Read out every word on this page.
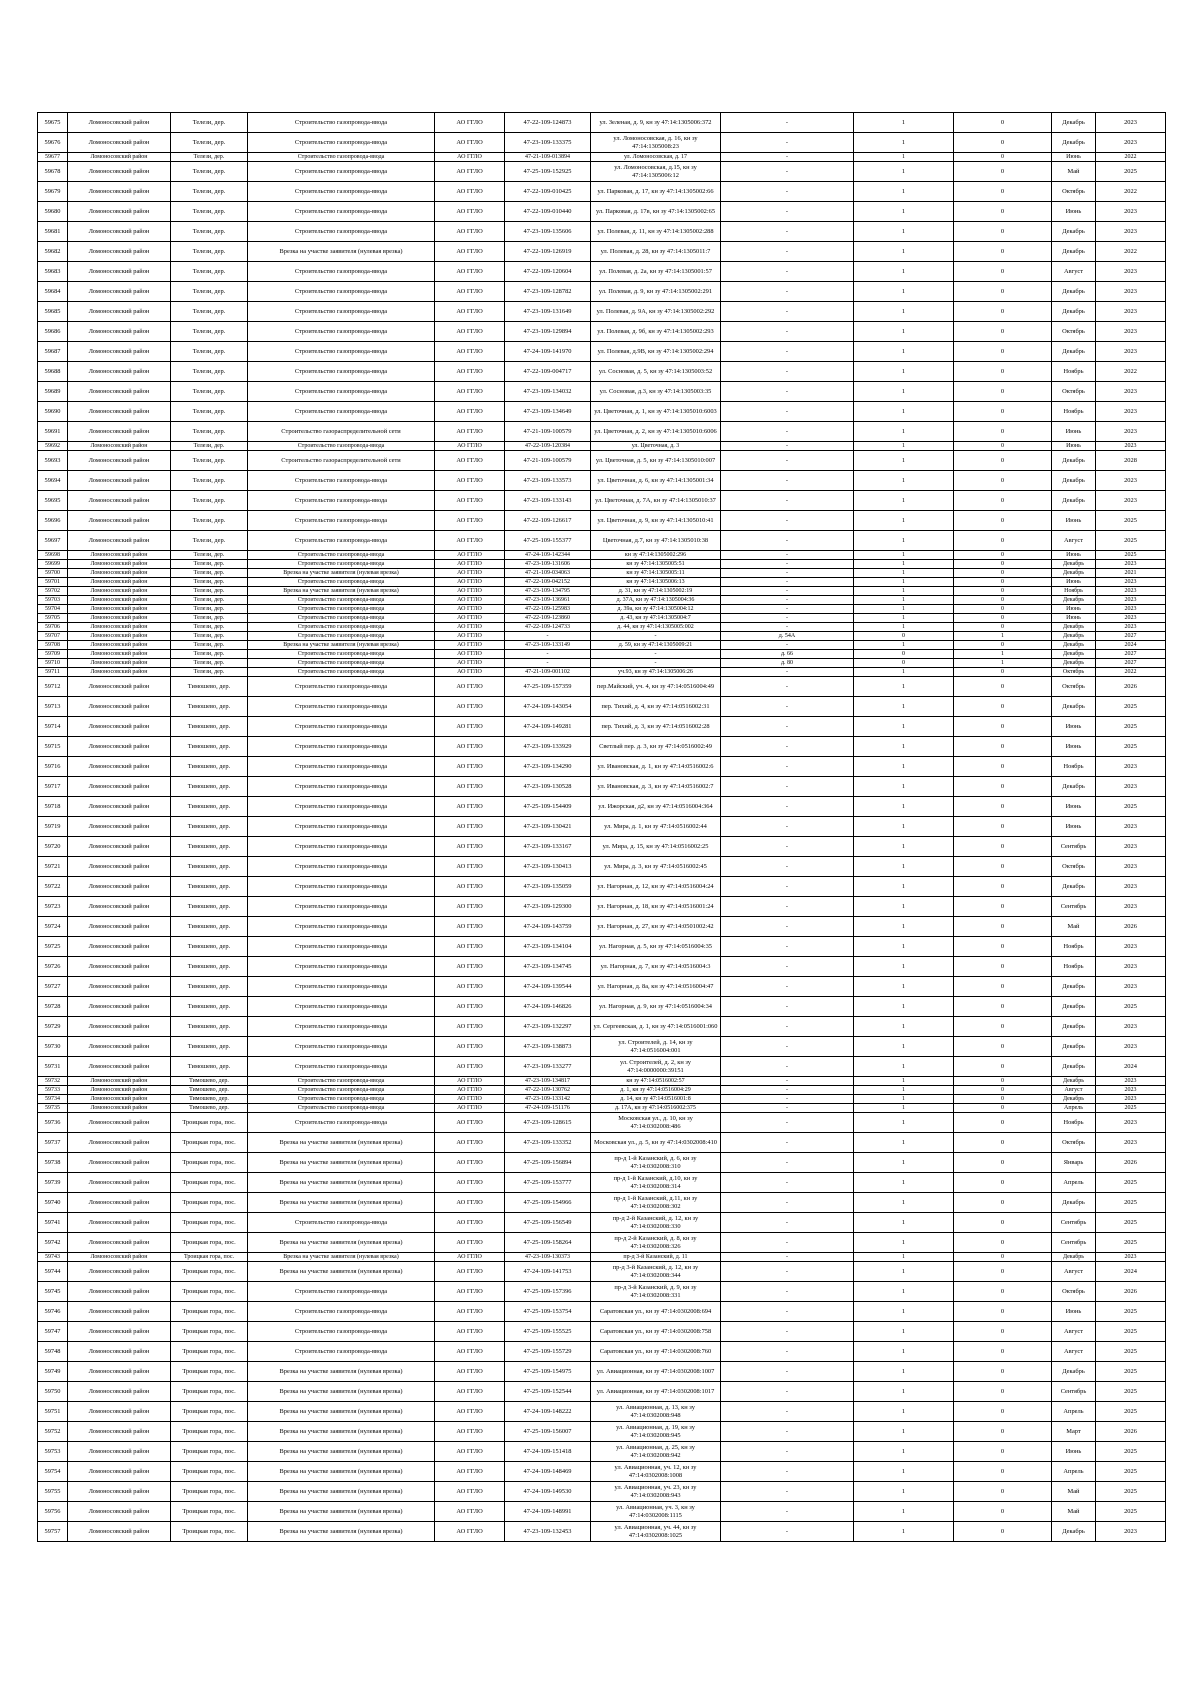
59675	Ломоносовский район	Телези, дер.	Строительство газопровода-ввода	АО ГГЛО	47-22-109-124873	ул. Зеленая, д. 9, кн зу 47:14:1305006:372	-	1	0	Декабрь	2023
59676	Ломоносовский район	Телези, дер.	Строительство газопровода-ввода	АО ГГЛО	47-23-109-133375	ул. Ломоносовская, д. 16, кн зу 47:14:1305008:23	-	1	0	Декабрь	2023
59677	Ломоносовский район	Телези, дер.	Строительство газопровода-ввода	АО ГГЛО	47-21-109-013894	ул. Ломоносовская, д. 17	-	1	0	Июнь	2022
59678	Ломоносовский район	Телези, дер.	Строительство газопровода-ввода	АО ГГЛО	47-25-109-152925	ул. Ломоносовская, д.15, кн зу 47:14:1305006:12	-	1	0	Май	2025
59679	Ломоносовский район	Телези, дер.	Строительство газопровода-ввода	АО ГГЛО	47-22-109-010425	ул. Парковая, д. 17, кн зу 47:14:1305002:66	-	1	0	Октябрь	2022
59680	Ломоносовский район	Телези, дер.	Строительство газопровода-ввода	АО ГГЛО	47-22-109-010440	ул. Парковая, д. 17в, кн зу 47:14:1305002:65	-	1	0	Июнь	2023
59681	Ломоносовский район	Телези, дер.	Строительство газопровода-ввода	АО ГГЛО	47-23-109-135606	ул. Полевая, д. 11, кн зу 47:14:1305002:288	-	1	0	Декабрь	2023
59682	Ломоносовский район	Телези, дер.	Врезка на участке заявителя (нулевая врезка)	АО ГГЛО	47-22-109-126919	ул. Полевая, д. 28, кн зу 47:14:1305011:7	-	1	0	Декабрь	2022
59683	Ломоносовский район	Телези, дер.	Строительство газопровода-ввода	АО ГГЛО	47-22-109-120604	ул. Полевая, д. 2а, кн зу 47:14:1305001:57	-	1	0	Август	2023
59684	Ломоносовский район	Телези, дер.	Строительство газопровода-ввода	АО ГГЛО	47-23-109-128782	ул. Полевая, д. 9, кн зу 47:14:1305002:291	-	1	0	Декабрь	2023
59685	Ломоносовский район	Телези, дер.	Строительство газопровода-ввода	АО ГГЛО	47-23-109-131649	ул. Полевая, д. 9А, кн зу 47:14:1305002:292	-	1	0	Декабрь	2023
59686	Ломоносовский район	Телези, дер.	Строительство газопровода-ввода	АО ГГЛО	47-23-109-129894	ул. Полевая, д. 9б, кн зу 47:14:1305002:293	-	1	0	Октябрь	2023
59687	Ломоносовский район	Телези, дер.	Строительство газопровода-ввода	АО ГГЛО	47-24-109-141970	ул. Полевая, д.9В, кн зу 47:14:1305002:294	-	1	0	Декабрь	2023
59688	Ломоносовский район	Телези, дер.	Строительство газопровода-ввода	АО ГГЛО	47-22-109-004717	ул. Сосновая, д. 5, кн зу 47:14:1305003:52	-	1	0	Ноябрь	2022
59689	Ломоносовский район	Телези, дер.	Строительство газопровода-ввода	АО ГГЛО	47-23-109-134032	ул. Сосновая, д.3, кн зу 47:14:1305003:35	-	1	0	Октябрь	2023
59690	Ломоносовский район	Телези, дер.	Строительство газопровода-ввода	АО ГГЛО	47-23-109-134649	ул. Цветочная, д. 1, кн зу 47:14:1305010:6003	-	1	0	Ноябрь	2023
59691	Ломоносовский район	Телези, дер.	Строительство газораспределительной сети	АО ГГЛО	47-21-109-100579	ул. Цветочная, д. 2, кн зу 47:14:1305010:6006	-	1	0	Июнь	2023
59692	Ломоносовский район	Телези, дер.	Строительство газопровода-ввода	АО ГГЛО	47-22-109-120384	ул. Цветочная, д. 3	-	1	0	Июнь	2023
59693	Ломоносовский район	Телези, дер.	Строительство газораспределительной сети	АО ГГЛО	47-21-109-100579	ул. Цветочная, д. 5, кн зу 47:14:1305010:007	-	1	0	Декабрь	2028
59694	Ломоносовский район	Телези, дер.	Строительство газопровода-ввода	АО ГГЛО	47-23-109-133573	ул. Цветочная, д. 6, кн зу 47:14:1305001:34	-	1	0	Декабрь	2023
59695	Ломоносовский район	Телези, дер.	Строительство газопровода-ввода	АО ГГЛО	47-23-109-133143	ул. Цветочная, д. 7А, кн зу 47:14:1305010:37	-	1	0	Декабрь	2023
59696	Ломоносовский район	Телези, дер.	Строительство газопровода-ввода	АО ГГЛО	47-22-109-126617	ул. Цветочная, д. 9, кн зу 47:14:1305010:41	-	1	0	Июнь	2025
59697	Ломоносовский район	Телези, дер.	Строительство газопровода-ввода	АО ГГЛО	47-25-109-155377	Цветочная, д.7, кн зу 47:14:1305010:38	-	1	0	Август	2025
59698	Ломоносовский район	Телези, дер.	Строительство газопровода-ввода	АО ГГЛО	47-24-109-142344	кн зу 47:14:1305002:296	-	1	0	Июнь	2025
59699	Ломоносовский район	Телези, дер.	Строительство газопровода-ввода	АО ГГЛО	47-23-109-131606	кн зу 47:14:1305005:51	-	1	0	Декабрь	2023
59700	Ломоносовский район	Телези, дер.	Врезка на участке заявителя (нулевая врезка)	АО ГГЛО	47-21-109-034063	кн зу 47:14:1305005:11	-	1	0	Декабрь	2021
59701	Ломоносовский район	Телези, дер.	Строительство газопровода-ввода	АО ГГЛО	47-22-109-042152	кн зу 47:14:1305006:13	-	1	0	Июнь	2023
59702	Ломоносовский район	Телези, дер.	Врезка на участке заявителя (нулевая врезка)	АО ГГЛО	47-23-109-134795	д. 31, кн зу 47:14:1305002:19	-	1	0	Ноябрь	2023
59703	Ломоносовский район	Телези, дер.	Строительство газопровода-ввода	АО ГГЛО	47-23-109-136961	д. 37А, кн зу 47:14:1305004:36	-	1	0	Декабрь	2023
59704	Ломоносовский район	Телези, дер.	Строительство газопровода-ввода	АО ГГЛО	47-22-109-125983	д. 39а, кн зу 47:14:1305004:12	-	1	0	Июнь	2023
59705	Ломоносовский район	Телези, дер.	Строительство газопровода-ввода	АО ГГЛО	47-22-109-123860	д. 43, кн зу 47:14:1305004:7	-	1	0	Июнь	2023
59706	Ломоносовский район	Телези, дер.	Строительство газопровода-ввода	АО ГГЛО	47-22-109-124733	д. 44, кн зу 47:14:1305005:002	-	1	0	Декабрь	2023
59707	Ломоносовский район	Телези, дер.	Строительство газопровода-ввода	АО ГГЛО	-	-	д. 54А	0	1	Декабрь	2027
59708	Ломоносовский район	Телези, дер.	Врезка на участке заявителя (нулевая врезка)	АО ГГЛО	47-23-109-133149	д. 59, кн зу 47:14:1305009:21	-	1	0	Декабрь	2024
59709	Ломоносовский район	Телези, дер.	Строительство газопровода-ввода	АО ГГЛО	-	-	д. 66	0	1	Декабрь	2027
59710	Ломоносовский район	Телези, дер.	Строительство газопровода-ввода	АО ГГЛО	-	-	д. 80	0	1	Декабрь	2027
59711	Ломоносовский район	Телези, дер.	Строительство газопровода-ввода	АО ГГЛО	47-21-109-001102	уч.93, кн зу 47:14:1305006:26	-	1	0	Октябрь	2022
59712	Ломоносовский район	Тимошево, дер.	Строительство газопровода-ввода	АО ГГЛО	47-25-109-157359	пер.Майский, уч. 4, кн зу 47:14:0516004:49	-	1	0	Октябрь	2026
59713	Ломоносовский район	Тимошево, дер.	Строительство газопровода-ввода	АО ГГЛО	47-24-109-143054	пер. Тихий, д. 4, кн зу 47:14:0516002:31	-	1	0	Декабрь	2025
59714	Ломоносовский район	Тимошево, дер.	Строительство газопровода-ввода	АО ГГЛО	47-24-109-149281	пер. Тихий, д. 3, кн зу 47:14:0516002:28	-	1	0	Июнь	2025
59715	Ломоносовский район	Тимошево, дер.	Строительство газопровода-ввода	АО ГГЛО	47-23-109-133929	Светлый пер. д. 3, кн зу 47:14:0516002:49	-	1	0	Июнь	2025
59716	Ломоносовский район	Тимошево, дер.	Строительство газопровода-ввода	АО ГГЛО	47-23-109-134290	ул. Ивановская, д. 1, кн зу 47:14:0516002:6	-	1	0	Ноябрь	2023
59717	Ломоносовский район	Тимошево, дер.	Строительство газопровода-ввода	АО ГГЛО	47-23-109-130528	ул. Ивановская, д. 3, кн зу 47:14:0516002:7	-	1	0	Декабрь	2023
59718	Ломоносовский район	Тимошево, дер.	Строительство газопровода-ввода	АО ГГЛО	47-25-109-154409	ул. Ижорская, д2, кн зу 47:14:0516004:364	-	1	0	Июнь	2025
59719	Ломоносовский район	Тимошево, дер.	Строительство газопровода-ввода	АО ГГЛО	47-23-109-130421	ул. Мира, д. 1, кн зу 47:14:0516002:44	-	1	0	Июнь	2023
59720	Ломоносовский район	Тимошево, дер.	Строительство газопровода-ввода	АО ГГЛО	47-23-109-133167	ул. Мира, д. 15, кн зу 47:14:0516002:25	-	1	0	Сентябрь	2023
59721	Ломоносовский район	Тимошево, дер.	Строительство газопровода-ввода	АО ГГЛО	47-23-109-130413	ул. Мира, д. 3, кн зу 47:14:0516002:45	-	1	0	Октябрь	2023
59722	Ломоносовский район	Тимошево, дер.	Строительство газопровода-ввода	АО ГГЛО	47-23-109-135059	ул. Нагорная, д. 12, кн зу 47:14:0516004:24	-	1	0	Декабрь	2023
59723	Ломоносовский район	Тимошево, дер.	Строительство газопровода-ввода	АО ГГЛО	47-23-109-129300	ул. Нагорная, д. 18, кн зу 47:14:0516001:24	-	1	0	Сентябрь	2023
59724	Ломоносовский район	Тимошево, дер.	Строительство газопровода-ввода	АО ГГЛО	47-24-109-143759	ул. Нагорная, д. 27, кн зу 47:14:0501002:42	-	1	0	Май	2026
59725	Ломоносовский район	Тимошево, дер.	Строительство газопровода-ввода	АО ГГЛО	47-23-109-134104	ул. Нагорная, д. 5, кн зу 47:14:0516004:35	-	1	0	Ноябрь	2023
59726	Ломоносовский район	Тимошево, дер.	Строительство газопровода-ввода	АО ГГЛО	47-23-109-134745	ул. Нагорная, д. 7, кн зу 47:14:0516004:3	-	1	0	Ноябрь	2023
59727	Ломоносовский район	Тимошево, дер.	Строительство газопровода-ввода	АО ГГЛО	47-24-109-139544	ул. Нагорная, д. 8а, кн зу 47:14:0516004:47	-	1	0	Декабрь	2023
59728	Ломоносовский район	Тимошево, дер.	Строительство газопровода-ввода	АО ГГЛО	47-24-109-146826	ул. Нагорная, д. 9, кн зу 47:14:0516004:34	-	1	0	Декабрь	2025
59729	Ломоносовский район	Тимошево, дер.	Строительство газопровода-ввода	АО ГГЛО	47-23-109-132297	ул. Сергеевская, д. 1, кн зу 47:14:0516001:060	-	1	0	Декабрь	2023
59730	Ломоносовский район	Тимошево, дер.	Строительство газопровода-ввода	АО ГГЛО	47-23-109-138873	ул. Строителей, д. 14, кн зу 47:14:0516004:001	-	1	0	Декабрь	2023
59731	Ломоносовский район	Тимошево, дер.	Строительство газопровода-ввода	АО ГГЛО	47-23-109-133277	ул. Строителей, д. 2, кн зу 47:14:0000000:39151	-	1	0	Декабрь	2024
59732	Ломоносовский район	Тимошево, дер.	Строительство газопровода-ввода	АО ГГЛО	47-23-109-134817	кн зу 47:14:0516002:57	-	1	0	Декабрь	2023
59733	Ломоносовский район	Тимошево, дер.	Строительство газопровода-ввода	АО ГГЛО	47-22-109-130762	д. 1, кн зу 47:14:0516004:29	-	1	0	Август	2023
59734	Ломоносовский район	Тимошево, дер.	Строительство газопровода-ввода	АО ГГЛО	47-23-109-133142	д. 14, кн зу 47:14:0516001:8	-	1	0	Декабрь	2023
59735	Ломоносовский район	Тимошево, дер.	Строительство газопровода-ввода	АО ГГЛО	47-24-109-151176	д. 17А, кн зу 47:14:0516002:375	-	1	0	Апрель	2025
59736	Ломоносовский район	Троицкая гора, пос.	Строительство газопровода-ввода	АО ГГЛО	47-23-109-128615	Московская ул., д. 10, кн зу 47:14:0302008:486	-	1	0	Ноябрь	2023
59737	Ломоносовский район	Троицкая гора, пос.	Врезка на участке заявителя (нулевая врезка)	АО ГГЛО	47-23-109-133352	Московская ул., д. 5, кн зу 47:14:0302008:410	-	1	0	Октябрь	2023
59738	Ломоносовский район	Троицкая гора, пос.	Врезка на участке заявителя (нулевая врезка)	АО ГГЛО	47-25-109-156894	пр-д 1-й Казанский, д. 6, кн зу 47:14:0302008:310	-	1	0	Январь	2026
59739	Ломоносовский район	Троицкая гора, пос.	Врезка на участке заявителя (нулевая врезка)	АО ГГЛО	47-25-109-153777	пр-д 1-й Казанский, д.10, кн зу 47:14:0302008:314	-	1	0	Апрель	2025
59740	Ломоносовский район	Троицкая гора, пос.	Врезка на участке заявителя (нулевая врезка)	АО ГГЛО	47-25-109-154966	пр-д 1-й Казанский, д.11, кн зу 47:14:0302008:302	-	1	0	Декабрь	2025
59741	Ломоносовский район	Троицкая гора, пос.	Строительство газопровода-ввода	АО ГГЛО	47-25-109-156549	пр-д 2-й Казанский, д. 12, кн зу 47:14:0302008:330	-	1	0	Сентябрь	2025
59742	Ломоносовский район	Троицкая гора, пос.	Врезка на участке заявителя (нулевая врезка)	АО ГГЛО	47-25-109-158264	пр-д 2-й Казанский, д. 8, кн зу 47:14:0302008:326	-	1	0	Сентябрь	2025
59743	Ломоносовский район	Троицкая гора, пос.	Врезка на участке заявителя (нулевая врезка)	АО ГГЛО	47-23-109-130373	пр-д 3-й Казанский, д. 11	-	1	0	Декабрь	2023
59744	Ломоносовский район	Троицкая гора, пос.	Врезка на участке заявителя (нулевая врезка)	АО ГГЛО	47-24-109-141753	пр-д 3-й Казанский, д. 12, кн зу 47:14:0302008:344	-	1	0	Август	2024
59745	Ломоносовский район	Троицкая гора, пос.	Строительство газопровода-ввода	АО ГГЛО	47-25-109-157396	пр-д 3-й Казанский, д. 9, кн зу 47:14:0302008:331	-	1	0	Октябрь	2026
59746	Ломоносовский район	Троицкая гора, пос.	Строительство газопровода-ввода	АО ГГЛО	47-25-109-153754	Саратовская ул., кн зу 47:14:0302008:694	-	1	0	Июнь	2025
59747	Ломоносовский район	Троицкая гора, пос.	Строительство газопровода-ввода	АО ГГЛО	47-25-109-155525	Саратовская ул., кн зу 47:14:0302008:758	-	1	0	Август	2025
59748	Ломоносовский район	Троицкая гора, пос.	Строительство газопровода-ввода	АО ГГЛО	47-25-109-155729	Саратовская ул., кн зу 47:14:0302008:760	-	1	0	Август	2025
59749	Ломоносовский район	Троицкая гора, пос.	Врезка на участке заявителя (нулевая врезка)	АО ГГЛО	47-25-109-154975	ул. Авиационная, кн зу 47:14:0302008:1007	-	1	0	Декабрь	2025
59750	Ломоносовский район	Троицкая гора, пос.	Врезка на участке заявителя (нулевая врезка)	АО ГГЛО	47-25-109-152544	ул. Авиационная, кн зу 47:14:0302008:1017	-	1	0	Сентябрь	2025
59751	Ломоносовский район	Троицкая гора, пос.	Врезка на участке заявителя (нулевая врезка)	АО ГГЛО	47-24-109-148222	ул. Авиационная, д. 13, кн зу 47:14:0302008:948	-	1	0	Апрель	2025
59752	Ломоносовский район	Троицкая гора, пос.	Врезка на участке заявителя (нулевая врезка)	АО ГГЛО	47-25-109-156007	ул. Авиационная, д. 19, кн зу 47:14:0302008:945	-	1	0	Март	2026
59753	Ломоносовский район	Троицкая гора, пос.	Врезка на участке заявителя (нулевая врезка)	АО ГГЛО	47-24-109-151418	ул. Авиационная, д. 25, кн зу 47:14:0302008:942	-	1	0	Июнь	2025
59754	Ломоносовский район	Троицкая гора, пос.	Врезка на участке заявителя (нулевая врезка)	АО ГГЛО	47-24-109-148469	ул. Авиационная, уч. 12, кн зу 47:14:0302008:1008	-	1	0	Апрель	2025
59755	Ломоносовский район	Троицкая гора, пос.	Врезка на участке заявителя (нулевая врезка)	АО ГГЛО	47-24-109-149530	ул. Авиационная, уч. 23, кн зу 47:14:0302008:943	-	1	0	Май	2025
59756	Ломоносовский район	Троицкая гора, пос.	Врезка на участке заявителя (нулевая врезка)	АО ГГЛО	47-24-109-148991	ул. Авиационная, уч. 3, кн зу 47:14:0302008:1115	-	1	0	Май	2025
59757	Ломоносовский район	Троицкая гора, пос.	Врезка на участке заявителя (нулевая врезка)	АО ГГЛО	47-23-109-132453	ул. Авиационная, уч. 44, кн зу 47:14:0302008:1025	-	1	0	Декабрь	2023
